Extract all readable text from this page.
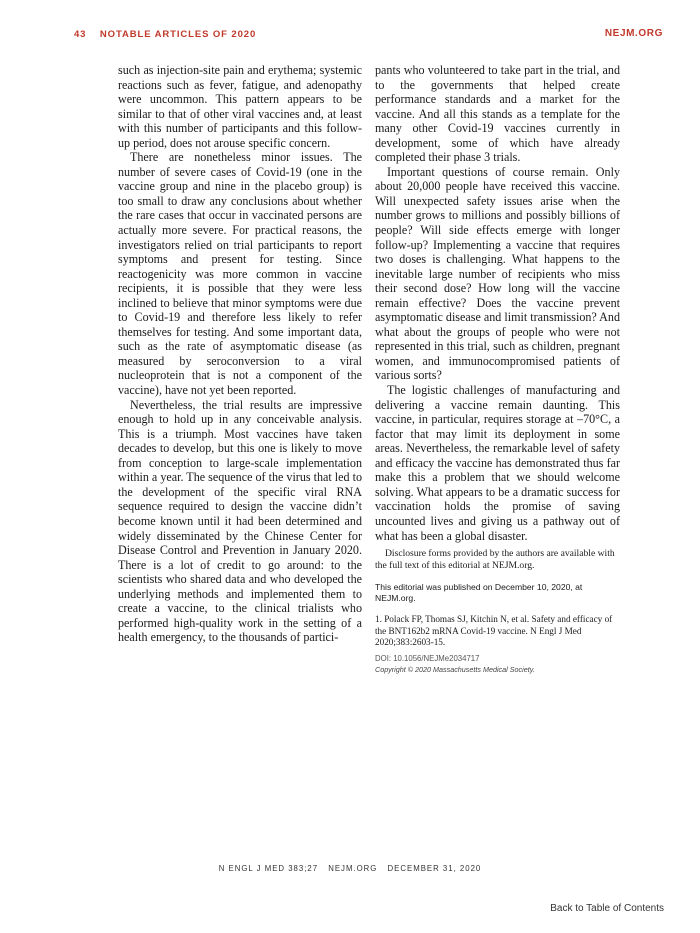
43 NOTABLE ARTICLES OF 2020	NEJM.ORG

such as injection-site pain and erythema; systemic reactions such as fever, fatigue, and adenopathy were uncommon. This pattern appears to be similar to that of other viral vaccines and, at least with this number of participants and this follow-up period, does not arouse specific concern.

There are nonetheless minor issues. The number of severe cases of Covid-19 (one in the vaccine group and nine in the placebo group) is too small to draw any conclusions about whether the rare cases that occur in vaccinated persons are actually more severe. For practical reasons, the investigators relied on trial participants to report symptoms and present for testing. Since reactogenicity was more common in vaccine recipients, it is possible that they were less inclined to believe that minor symptoms were due to Covid-19 and therefore less likely to refer themselves for testing. And some important data, such as the rate of asymptomatic disease (as measured by seroconversion to a viral nucleoprotein that is not a component of the vaccine), have not yet been reported.

Nevertheless, the trial results are impressive enough to hold up in any conceivable analysis. This is a triumph. Most vaccines have taken decades to develop, but this one is likely to move from conception to large-scale implementation within a year. The sequence of the virus that led to the development of the specific viral RNA sequence required to design the vaccine didn’t become known until it had been determined and widely disseminated by the Chinese Center for Disease Control and Prevention in January 2020. There is a lot of credit to go around: to the scientists who shared data and who developed the underlying methods and implemented them to create a vaccine, to the clinical trialists who performed high-quality work in the setting of a health emergency, to the thousands of partici-

pants who volunteered to take part in the trial, and to the governments that helped create performance standards and a market for the vaccine. And all this stands as a template for the many other Covid-19 vaccines currently in development, some of which have already completed their phase 3 trials.

Important questions of course remain. Only about 20,000 people have received this vaccine. Will unexpected safety issues arise when the number grows to millions and possibly billions of people? Will side effects emerge with longer follow-up? Implementing a vaccine that requires two doses is challenging. What happens to the inevitable large number of recipients who miss their second dose? How long will the vaccine remain effective? Does the vaccine prevent asymptomatic disease and limit transmission? And what about the groups of people who were not represented in this trial, such as children, pregnant women, and immunocompromised patients of various sorts?

The logistic challenges of manufacturing and delivering a vaccine remain daunting. This vaccine, in particular, requires storage at –70°C, a factor that may limit its deployment in some areas. Nevertheless, the remarkable level of safety and efficacy the vaccine has demonstrated thus far make this a problem that we should welcome solving. What appears to be a dramatic success for vaccination holds the promise of saving uncounted lives and giving us a pathway out of what has been a global disaster.

Disclosure forms provided by the authors are available with the full text of this editorial at NEJM.org.

This editorial was published on December 10, 2020, at NEJM.org.

1. Polack FP, Thomas SJ, Kitchin N, et al. Safety and efficacy of the BNT162b2 mRNA Covid-19 vaccine. N Engl J Med 2020;383:2603-15.

DOI: 10.1056/NEJMe2034717

Copyright © 2020 Massachusetts Medical Society.

N ENGL J MED 383;27 NEJM.ORG DECEMBER 31, 2020
Back to Table of Contents
